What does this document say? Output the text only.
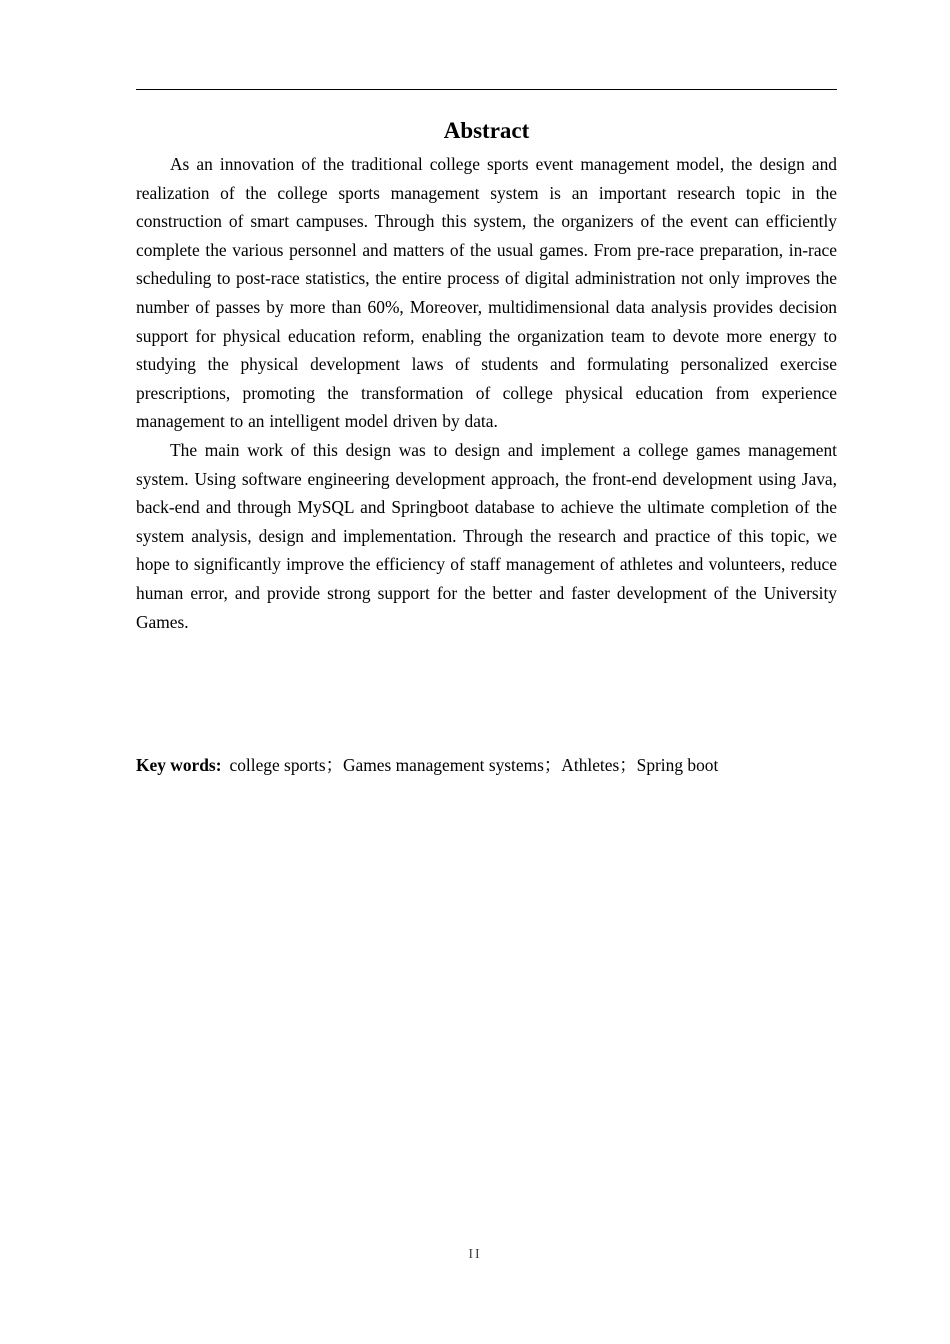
Abstract

As an innovation of the traditional college sports event management model, the design and realization of the college sports management system is an important research topic in the construction of smart campuses. Through this system, the organizers of the event can efficiently complete the various personnel and matters of the usual games. From pre-race preparation, in-race scheduling to post-race statistics, the entire process of digital administration not only improves the number of passes by more than 60%, Moreover, multidimensional data analysis provides decision support for physical education reform, enabling the organization team to devote more energy to studying the physical development laws of students and formulating personalized exercise prescriptions, promoting the transformation of college physical education from experience management to an intelligent model driven by data.

The main work of this design was to design and implement a college games management system. Using software engineering development approach, the front-end development using Java, back-end and through MySQL and Springboot database to achieve the ultimate completion of the system analysis, design and implementation. Through the research and practice of this topic, we hope to significantly improve the efficiency of staff management of athletes and volunteers, reduce human error, and provide strong support for the better and faster development of the University Games.

Key words: college sports；Games management systems；Athletes；Spring boot
II
